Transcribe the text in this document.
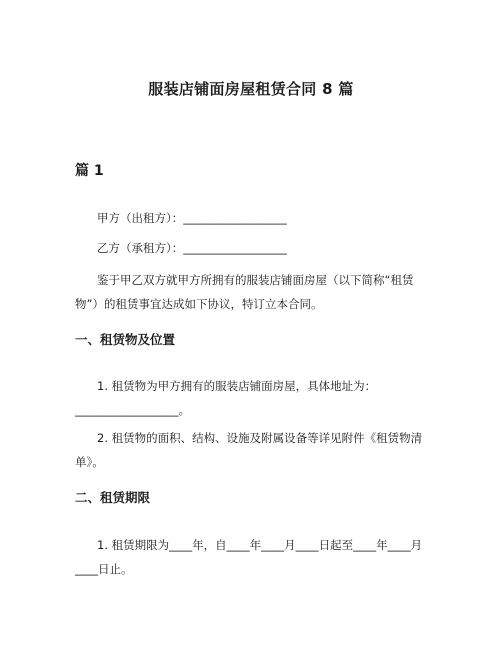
服装店铺面房屋租赁合同 8 篇
篇 1
甲方（出租方）：__________________
乙方（承租方）：__________________
鉴于甲乙双方就甲方所拥有的服装店铺面房屋（以下简称“租赁物”）的租赁事宜达成如下协议，特订立本合同。
一、租赁物及位置
1. 租赁物为甲方拥有的服装店铺面房屋，具体地址为：
__________________。
2. 租赁物的面积、结构、设施及附属设备等详见附件《租赁物清单》。
二、租赁期限
1. 租赁期限为____年，自____年____月____日起至____年____月
____日止。
